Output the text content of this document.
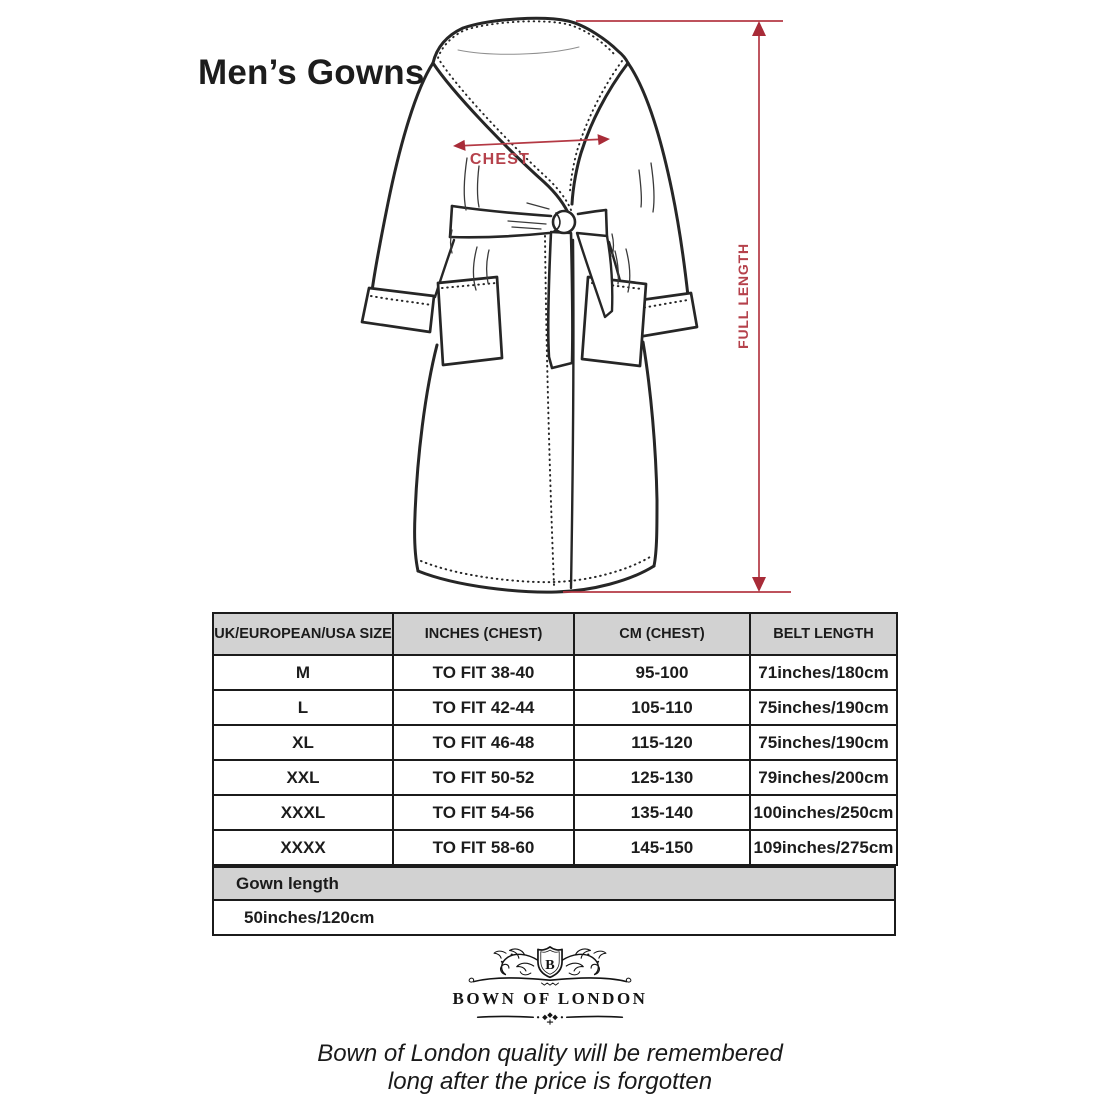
Men’s Gowns
CHEST
FULL LENGTH
UK/EUROPEAN/USA SIZE	INCHES (CHEST)	CM (CHEST)	BELT LENGTH
M	TO FIT 38-40	95-100	71inches/180cm
L	TO FIT 42-44	105-110	75inches/190cm
XL	TO FIT 46-48	115-120	75inches/190cm
XXL	TO FIT 50-52	125-130	79inches/200cm
XXXL	TO FIT 54-56	135-140	100inches/250cm
XXXX	TO FIT 58-60	145-150	109inches/275cm
Gown length
50inches/120cm
B
BOWN OF LONDON
Bown of London quality will be remembered
long after the price is forgotten
